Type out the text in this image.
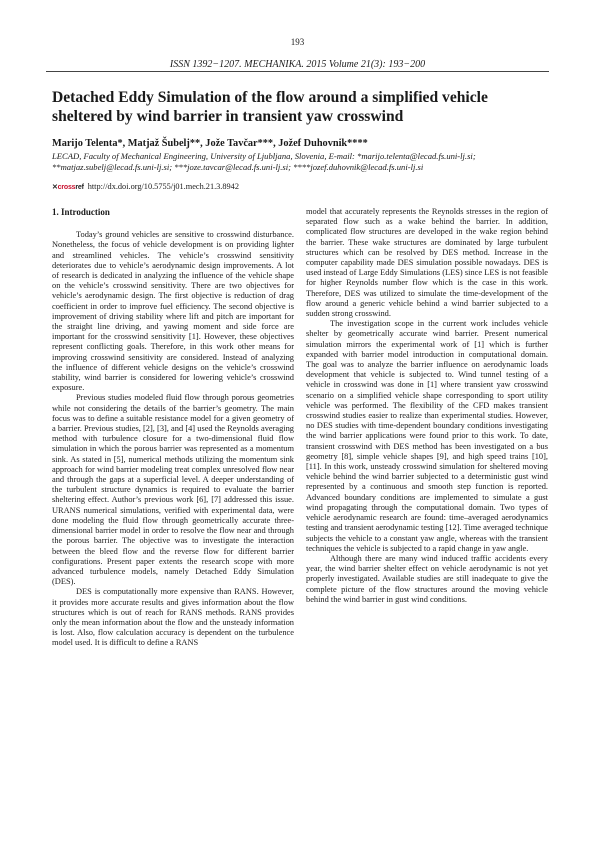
193
ISSN 1392−1207. MECHANIKA. 2015 Volume 21(3): 193−200
Detached Eddy Simulation of the flow around a simplified vehicle sheltered by wind barrier in transient yaw crosswind
Marijo Telenta*, Matjaž Šubelj**, Jože Tavčar***, Jožef Duhovnik****
LECAD, Faculty of Mechanical Engineering, University of Ljubljana, Slovenia, E-mail: *marijo.telenta@lecad.fs.uni-lj.si; **matjaz.subelj@lecad.fs.uni-lj.si; ***joze.tavcar@lecad.fs.uni-lj.si; ****jozef.duhovnik@lecad.fs.uni-lj.si
✕crossref http://dx.doi.org/10.5755/j01.mech.21.3.8942
1. Introduction

Today’s ground vehicles are sensitive to crosswind disturbance. Nonetheless, the focus of vehicle development is on providing lighter and streamlined vehicles. The vehicle’s crosswind sensitivity deteriorates due to vehicle’s aerodynamic design improvements. A lot of research is dedicated in analyzing the influence of the vehicle shape on the vehicle’s crosswind sensitivity. There are two objectives for vehicle’s aerodynamic design. The first objective is reduction of drag coefficient in order to improve fuel efficiency. The second objective is improvement of driving stability where lift and pitch are important for the straight line driving, and yawing moment and side force are important for the crosswind sensitivity [1]. However, these objectives represent conflicting goals. Therefore, in this work other means for improving crosswind sensitivity are considered. Instead of analyzing the influence of different vehicle designs on the vehicle’s crosswind stability, wind barrier is considered for lowering vehicle’s crosswind exposure.

Previous studies modeled fluid flow through porous geometries while not considering the details of the barrier’s geometry. The main focus was to define a suitable resistance model for a given geometry of a barrier. Previous studies, [2], [3], and [4] used the Reynolds averaging method with turbulence closure for a two-dimensional fluid flow simulation in which the porous barrier was represented as a momentum sink. As stated in [5], numerical methods utilizing the momentum sink approach for wind barrier modeling treat complex unresolved flow near and through the gaps at a superficial level. A deeper understanding of the turbulent structure dynamics is required to evaluate the barrier sheltering effect. Author’s previous work [6], [7] addressed this issue. URANS numerical simulations, verified with experimental data, were done modeling the fluid flow through geometrically accurate three-dimensional barrier model in order to resolve the flow near and through the porous barrier. The objective was to investigate the interaction between the bleed flow and the reverse flow for different barrier configurations. Present paper extents the research scope with more advanced turbulence models, namely Detached Eddy Simulation (DES).

DES is computationally more expensive than RANS. However, it provides more accurate results and gives information about the flow structures which is out of reach for RANS methods. RANS provides only the mean information about the flow and the unsteady information is lost. Also, flow calculation accuracy is dependent on the turbulence model used. It is difficult to define a RANS

model that accurately represents the Reynolds stresses in the region of separated flow such as a wake behind the barrier. In addition, complicated flow structures are developed in the wake region behind the barrier. These wake structures are dominated by large turbulent structures which can be resolved by DES method. Increase in the computer capability made DES simulation possible nowadays. DES is used instead of Large Eddy Simulations (LES) since LES is not feasible for higher Reynolds number flow which is the case in this work. Therefore, DES was utilized to simulate the time-development of the flow around a generic vehicle behind a wind barrier subjected to a sudden strong crosswind.

The investigation scope in the current work includes vehicle shelter by geometrically accurate wind barrier. Present numerical simulation mirrors the experimental work of [1] which is further expanded with barrier model introduction in computational domain. The goal was to analyze the barrier influence on aerodynamic loads development that vehicle is subjected to. Wind tunnel testing of a vehicle in crosswind was done in [1] where transient yaw crosswind scenario on a simplified vehicle shape corresponding to sport utility vehicle was performed. The flexibility of the CFD makes transient crosswind studies easier to realize than experimental studies. However, no DES studies with time-dependent boundary conditions investigating the wind barrier applications were found prior to this work. To date, transient crosswind with DES method has been investigated on a bus geometry [8], simple vehicle shapes [9], and high speed trains [10], [11]. In this work, unsteady crosswind simulation for sheltered moving vehicle behind the wind barrier subjected to a deterministic gust wind represented by a continuous and smooth step function is reported. Advanced boundary conditions are implemented to simulate a gust wind propagating through the computational domain. Two types of vehicle aerodynamic research are found: time–averaged aerodynamics testing and transient aerodynamic testing [12]. Time averaged technique subjects the vehicle to a constant yaw angle, whereas with the transient techniques the vehicle is subjected to a rapid change in yaw angle.

Although there are many wind induced traffic accidents every year, the wind barrier shelter effect on vehicle aerodynamic is not yet properly investigated. Available studies are still inadequate to give the complete picture of the flow structures around the moving vehicle behind the wind barrier in gust wind conditions.
